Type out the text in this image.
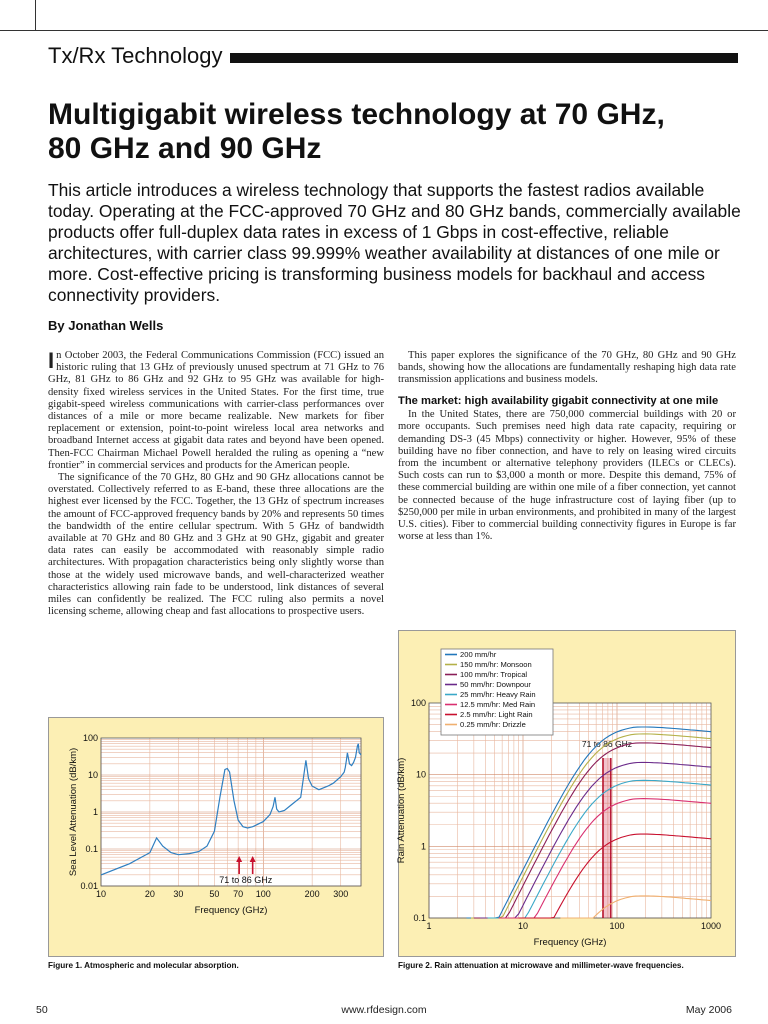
Tx/Rx Technology
Multigigabit wireless technology at 70 GHz,
80 GHz and 90 GHz

This article introduces a wireless technology that supports the fastest radios available today. Operating at the FCC-approved 70 GHz and 80 GHz bands, commercially available products offer full-duplex data rates in excess of 1 Gbps in cost-effective, reliable architectures, with carrier class 99.999% weather availability at distances of one mile or more. Cost-effective pricing is transforming business models for backhaul and access connectivity providers.

By Jonathan Wells

In October 2003, the Federal Communications Commission (FCC) issued an historic ruling that 13 GHz of previously unused spectrum at 71 GHz to 76 GHz, 81 GHz to 86 GHz and 92 GHz to 95 GHz was available for high-density fixed wireless services in the United States. For the first time, true gigabit-speed wireless communications with carrier-class performances over distances of a mile or more became realizable. New markets for fiber replacement or extension, point-to-point wireless local area networks and broadband Internet access at gigabit data rates and beyond have been opened. Then-FCC Chairman Michael Powell heralded the ruling as opening a “new frontier” in commercial services and products for the American people.

The significance of the 70 GHz, 80 GHz and 90 GHz allocations cannot be overstated. Collectively referred to as E-band, these three allocations are the highest ever licensed by the FCC. Together, the 13 GHz of spectrum increases the amount of FCC-approved frequency bands by 20% and represents 50 times the bandwidth of the entire cellular spectrum. With 5 GHz of bandwidth available at 70 GHz and 80 GHz and 3 GHz at 90 GHz, gigabit and greater data rates can easily be accommodated with reasonably simple radio architectures. With propagation characteristics being only slightly worse than those at the widely used microwave bands, and well-characterized weather characteristics allowing rain fade to be understood, link distances of several miles can confidently be realized. The FCC ruling also permits a novel licensing scheme, allowing cheap and fast allocations to prospective users.

This paper explores the significance of the 70 GHz, 80 GHz and 90 GHz bands, showing how the allocations are fundamentally reshaping high data rate transmission applications and business models.

The market: high availability gigabit connectivity at one mile

In the United States, there are 750,000 commercial buildings with 20 or more occupants. Such premises need high data rate capacity, requiring or demanding DS-3 (45 Mbps) connectivity or higher. However, 95% of these building have no fiber connection, and have to rely on leasing wired circuits from the incumbent or alternative telephony providers (ILECs or CLECs). Such costs can run to $3,000 a month or more. Despite this demand, 75% of these commercial building are within one mile of a fiber connection, yet cannot be connected because of the huge infrastructure cost of laying fiber (up to $250,000 per mile in urban environments, and prohibited in many of the largest U.S. cities). Fiber to commercial building connectivity figures in Europe is far worse at less than 1%.

10	20 30	50 70 100	200 300
0.01
0.1
1
10
100
Frequency (GHz)
Sea Level Attenuation (dB/km)
71 to 86 GHz
Figure 1. Atmospheric and molecular absorption.
1	10	100	1000
0.1
1
10
100
Frequency (GHz)
Rain Attenuation (dB/km)
71 to 86 GHz
200 mm/hr
150 mm/hr: Monsoon
100 mm/hr: Tropical
50 mm/hr: Downpour
25 mm/hr: Heavy Rain
12.5 mm/hr: Med Rain
2.5 mm/hr: Light Rain
0.25 mm/hr: Drizzle
Figure 2. Rain attenuation at microwave and millimeter-wave frequencies.
50	www.rfdesign.com	May 2006
